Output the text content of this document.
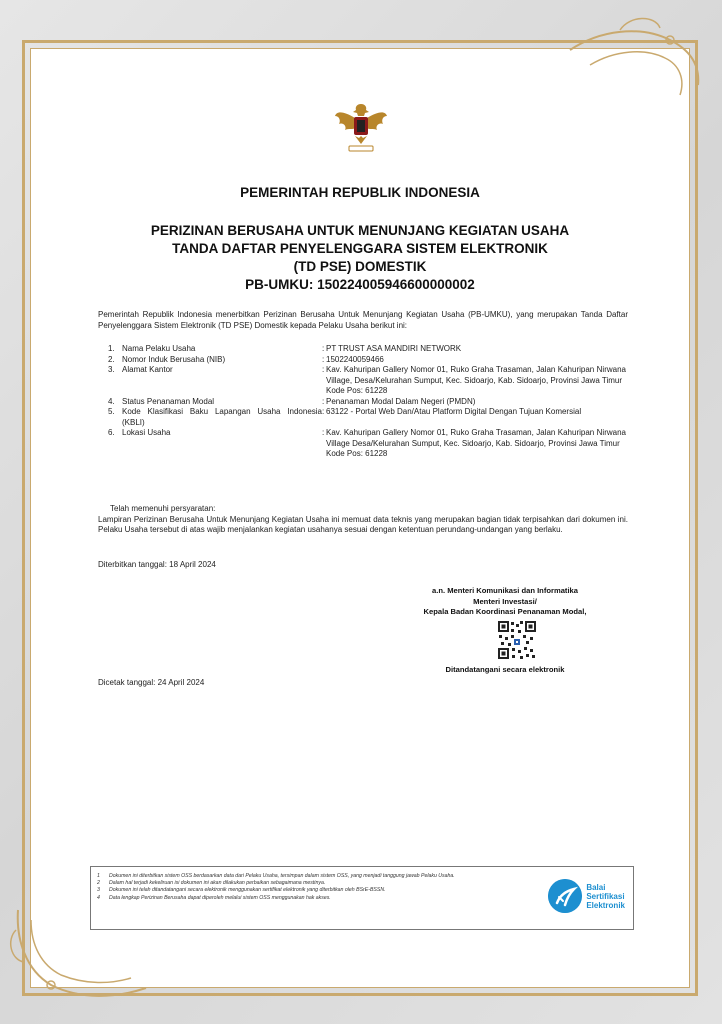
PEMERINTAH REPUBLIK INDONESIA
PERIZINAN BERUSAHA UNTUK MENUNJANG KEGIATAN USAHA
TANDA DAFTAR PENYELENGGARA SISTEM ELEKTRONIK
(TD PSE) DOMESTIK
PB-UMKU: 150224005946600000002
Pemerintah Republik Indonesia menerbitkan Perizinan Berusaha Untuk Menunjang Kegiatan Usaha (PB-UMKU), yang merupakan Tanda Daftar Penyelenggara Sistem Elektronik (TD PSE) Domestik kepada Pelaku Usaha berikut ini:
1. Nama Pelaku Usaha	: PT TRUST ASA MANDIRI NETWORK
2. Nomor Induk Berusaha (NIB)	: 1502240059466
3. Alamat Kantor	: Kav. Kahuripan Gallery Nomor 01, Ruko Graha Trasaman, Jalan Kahuripan Nirwana Village, Desa/Kelurahan Sumput, Kec. Sidoarjo, Kab. Sidoarjo, Provinsi Jawa Timur
Kode Pos: 61228
4. Status Penanaman Modal	: Penanaman Modal Dalam Negeri (PMDN)
5. Kode Klasifikasi Baku Lapangan Usaha Indonesia (KBLI)
: 63122 - Portal Web Dan/Atau Platform Digital Dengan Tujuan Komersial
6. Lokasi Usaha	: Kav. Kahuripan Gallery Nomor 01, Ruko Graha Trasaman, Jalan Kahuripan Nirwana Village Desa/Kelurahan Sumput, Kec. Sidoarjo, Kab. Sidoarjo, Provinsi Jawa Timur
Kode Pos: 61228
Telah memenuhi persyaratan:
Lampiran Perizinan Berusaha Untuk Menunjang Kegiatan Usaha ini memuat data teknis yang merupakan bagian tidak terpisahkan dari dokumen ini. Pelaku Usaha tersebut di atas wajib menjalankan kegiatan usahanya sesuai dengan ketentuan perundang-undangan yang berlaku.
Diterbitkan tanggal: 18 April 2024
a.n. Menteri Komunikasi dan Informatika
Menteri Investasi/
Kepala Badan Koordinasi Penanaman Modal,
Ditandatangani secara elektronik
Dicetak tanggal: 24 April 2024
1	Dokumen ini diterbitkan sistem OSS berdasarkan data dari Pelaku Usaha, tersimpan dalam sistem OSS, yang menjadi tanggung jawab Pelaku Usaha.
2	Dalam hal terjadi kekeliruan isi dokumen ini akan dilakukan perbaikan sebagaimana mestinya.
3	Dokumen ini telah ditandatangani secara elektronik menggunakan sertifikat elektronik yang diterbitkan oleh BSrE-BSSN.
4	Data lengkap Perizinan Berusaha dapat diperoleh melalui sistem OSS menggunakan hak akses.
Balai
Sertifikasi
Elektronik
